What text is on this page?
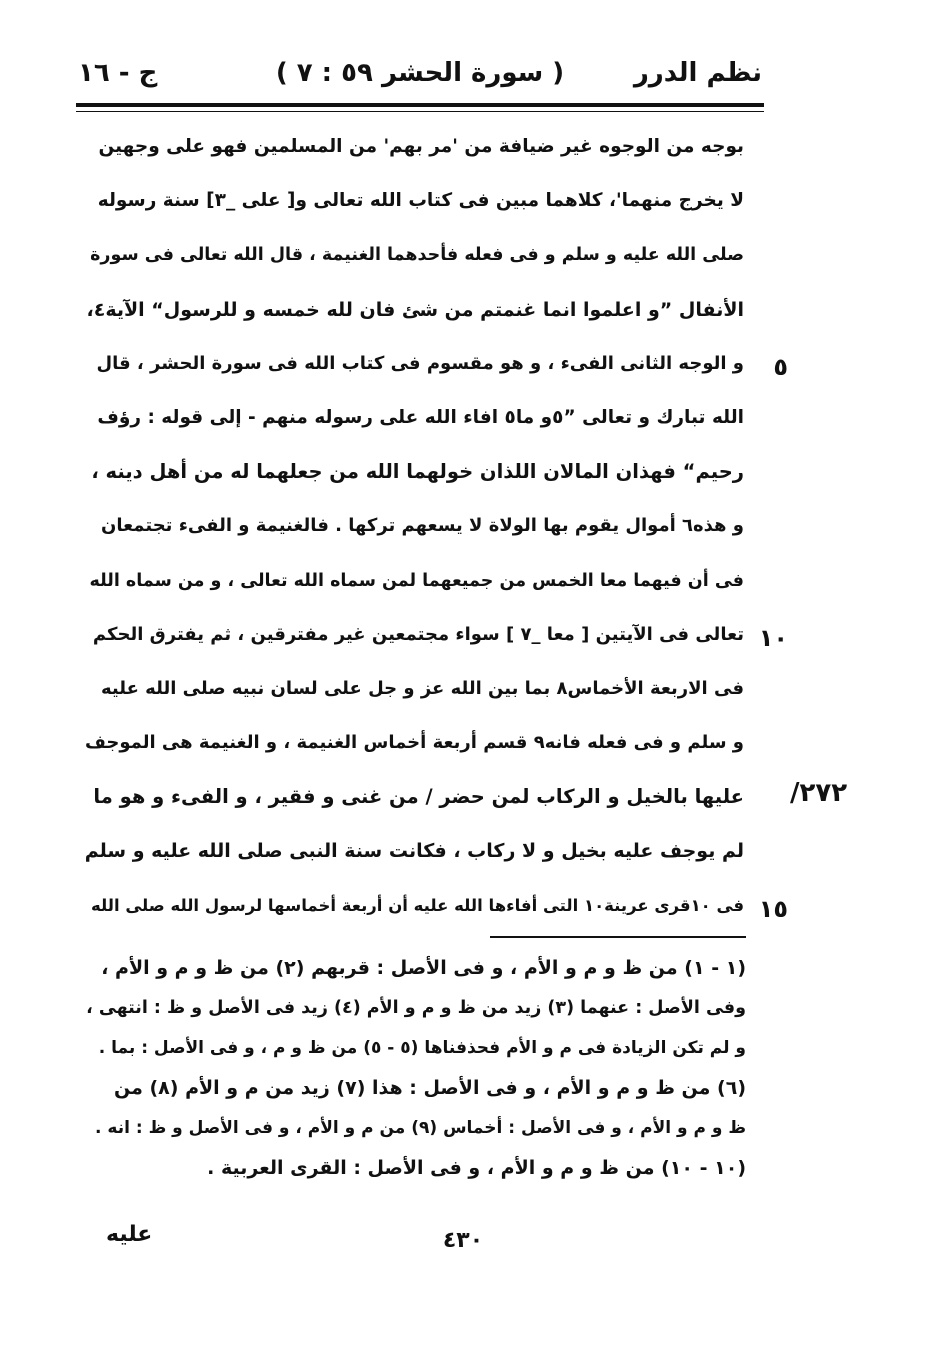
نظم الدرر
( سورة الحشر ٥٩ : ٧ )
ج - ١٦
بوجه من الوجوه غير ضيافة من 'مر بهم' من المسلمين فهو على وجهين
لا يخرج منهما'، كلاهما مبين فى كتاب الله تعالى و[ على _٣] سنة رسوله
صلى الله عليه و سلم و فى فعله فأحدهما الغنيمة ، قال الله تعالى فى سورة
الأنفال ”و اعلموا انما غنمتم من شئ فان لله خمسه و للرسول“ الآية٤،
و الوجه الثانى الفىء ، و هو مقسوم فى كتاب الله فى سورة الحشر ، قال
الله تبارك و تعالى ”٥و ما٥ افاء الله على رسوله منهم - إلى قوله : رؤف
رحيم“ فهذان المالان اللذان خولهما الله من جعلهما له من أهل دينه ،
و هذه٦ أموال يقوم بها الولاة لا يسعهم تركها . فالغنيمة و الفىء تجتمعان
فى أن فيهما معا الخمس من جميعهما لمن سماه الله تعالى ، و من سماه الله
تعالى فى الآيتين [ معا _٧ ] سواء مجتمعين غير مفترقين ، ثم يفترق الحكم
فى الاربعة الأخماس٨ بما بين الله عز و جل على لسان نبيه صلى الله عليه
و سلم و فى فعله فانه٩ قسم أربعة أخماس الغنيمة ، و الغنيمة هى الموجف
عليها بالخيل و الركاب لمن حضر / من غنى و فقير ، و الفىء و هو ما
لم يوجف عليه بخيل و لا ركاب ، فكانت سنة النبى صلى الله عليه و سلم
فى ١٠قرى عرينة١٠ التى أفاءها الله عليه أن أربعة أخماسها لرسول الله صلى الله
٥
١٠
١٥
٢٧٢/
(١ - ١) من ظ و م و الأم ، و فى الأصل : قربهم (٢) من ظ و م و الأم ،
وفى الأصل : عنهما (٣) زيد من ظ و م و الأم (٤) زيد فى الأصل و ظ : انتهى ،
و لم تكن الزيادة فى م و الأم فحذفناها (٥ - ٥) من ظ و م ، و فى الأصل : بما .
(٦) من ظ و م و الأم ، و فى الأصل : هذا (٧) زيد من م و الأم (٨) من
ظ و م و الأم ، و فى الأصل : أخماس (٩) من م و الأم ، و فى الأصل و ظ : انه .
(١٠ - ١٠) من ظ و م و الأم ، و فى الأصل : القرى العربية .
٤٣٠
عليه
